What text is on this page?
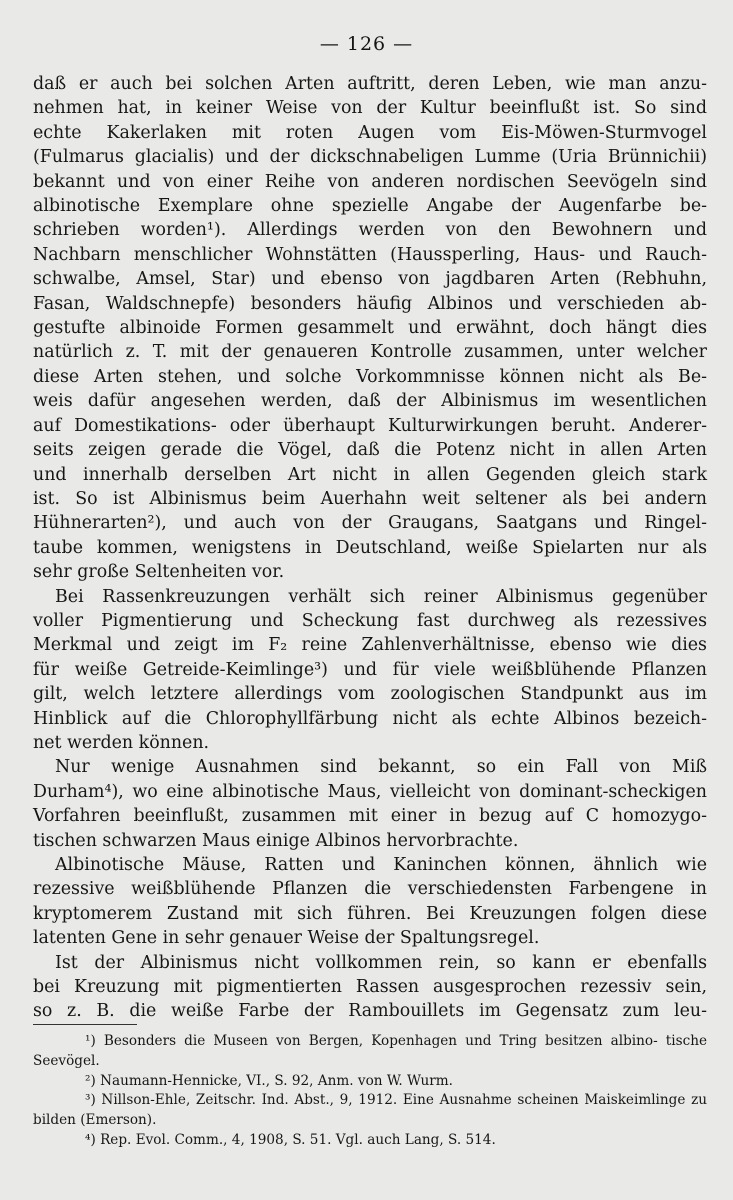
— 126 —

daß er auch bei solchen Arten auftritt, deren Leben, wie man anzu-
nehmen hat, in keiner Weise von der Kultur beeinflußt ist. So sind
echte Kakerlaken mit roten Augen vom Eis-Möwen-Sturmvogel
(Fulmarus glacialis) und der dickschnabeligen Lumme (Uria Brünnichii)
bekannt und von einer Reihe von anderen nordischen Seevögeln sind
albinotische Exemplare ohne spezielle Angabe der Augenfarbe be-
schrieben worden¹). Allerdings werden von den Bewohnern und
Nachbarn menschlicher Wohnstätten (Haussperling, Haus- und Rauch-
schwalbe, Amsel, Star) und ebenso von jagdbaren Arten (Rebhuhn,
Fasan, Waldschnepfe) besonders häufig Albinos und verschieden ab-
gestufte albinoide Formen gesammelt und erwähnt, doch hängt dies
natürlich z. T. mit der genaueren Kontrolle zusammen, unter welcher
diese Arten stehen, und solche Vorkommnisse können nicht als Be-
weis dafür angesehen werden, daß der Albinismus im wesentlichen
auf Domestikations- oder überhaupt Kulturwirkungen beruht. Anderer-
seits zeigen gerade die Vögel, daß die Potenz nicht in allen Arten
und innerhalb derselben Art nicht in allen Gegenden gleich stark
ist. So ist Albinismus beim Auerhahn weit seltener als bei andern
Hühnerarten²), und auch von der Graugans, Saatgans und Ringel-
taube kommen, wenigstens in Deutschland, weiße Spielarten nur als
sehr große Seltenheiten vor.

Bei Rassenkreuzungen verhält sich reiner Albinismus gegenüber
voller Pigmentierung und Scheckung fast durchweg als rezessives
Merkmal und zeigt im F₂ reine Zahlenverhältnisse, ebenso wie dies
für weiße Getreide-Keimlinge³) und für viele weißblühende Pflanzen
gilt, welch letztere allerdings vom zoologischen Standpunkt aus im
Hinblick auf die Chlorophyllfärbung nicht als echte Albinos bezeich-
net werden können.

Nur wenige Ausnahmen sind bekannt, so ein Fall von Miß
Durham⁴), wo eine albinotische Maus, vielleicht von dominant-scheckigen
Vorfahren beeinflußt, zusammen mit einer in bezug auf C homozygo-
tischen schwarzen Maus einige Albinos hervorbrachte.

Albinotische Mäuse, Ratten und Kaninchen können, ähnlich wie
rezessive weißblühende Pflanzen die verschiedensten Farbengene in
kryptomerem Zustand mit sich führen. Bei Kreuzungen folgen diese
latenten Gene in sehr genauer Weise der Spaltungsregel.

Ist der Albinismus nicht vollkommen rein, so kann er ebenfalls
bei Kreuzung mit pigmentierten Rassen ausgesprochen rezessiv sein,
so z. B. die weiße Farbe der Rambouillets im Gegensatz zum leu-

¹) Besonders die Museen von Bergen, Kopenhagen und Tring besitzen albino- tische Seevögel.

²) Naumann-Hennicke, VI., S. 92, Anm. von W. Wurm.

³) Nillson-Ehle, Zeitschr. Ind. Abst., 9, 1912. Eine Ausnahme scheinen Maiskeimlinge zu bilden (Emerson).

⁴) Rep. Evol. Comm., 4, 1908, S. 51. Vgl. auch Lang, S. 514.
